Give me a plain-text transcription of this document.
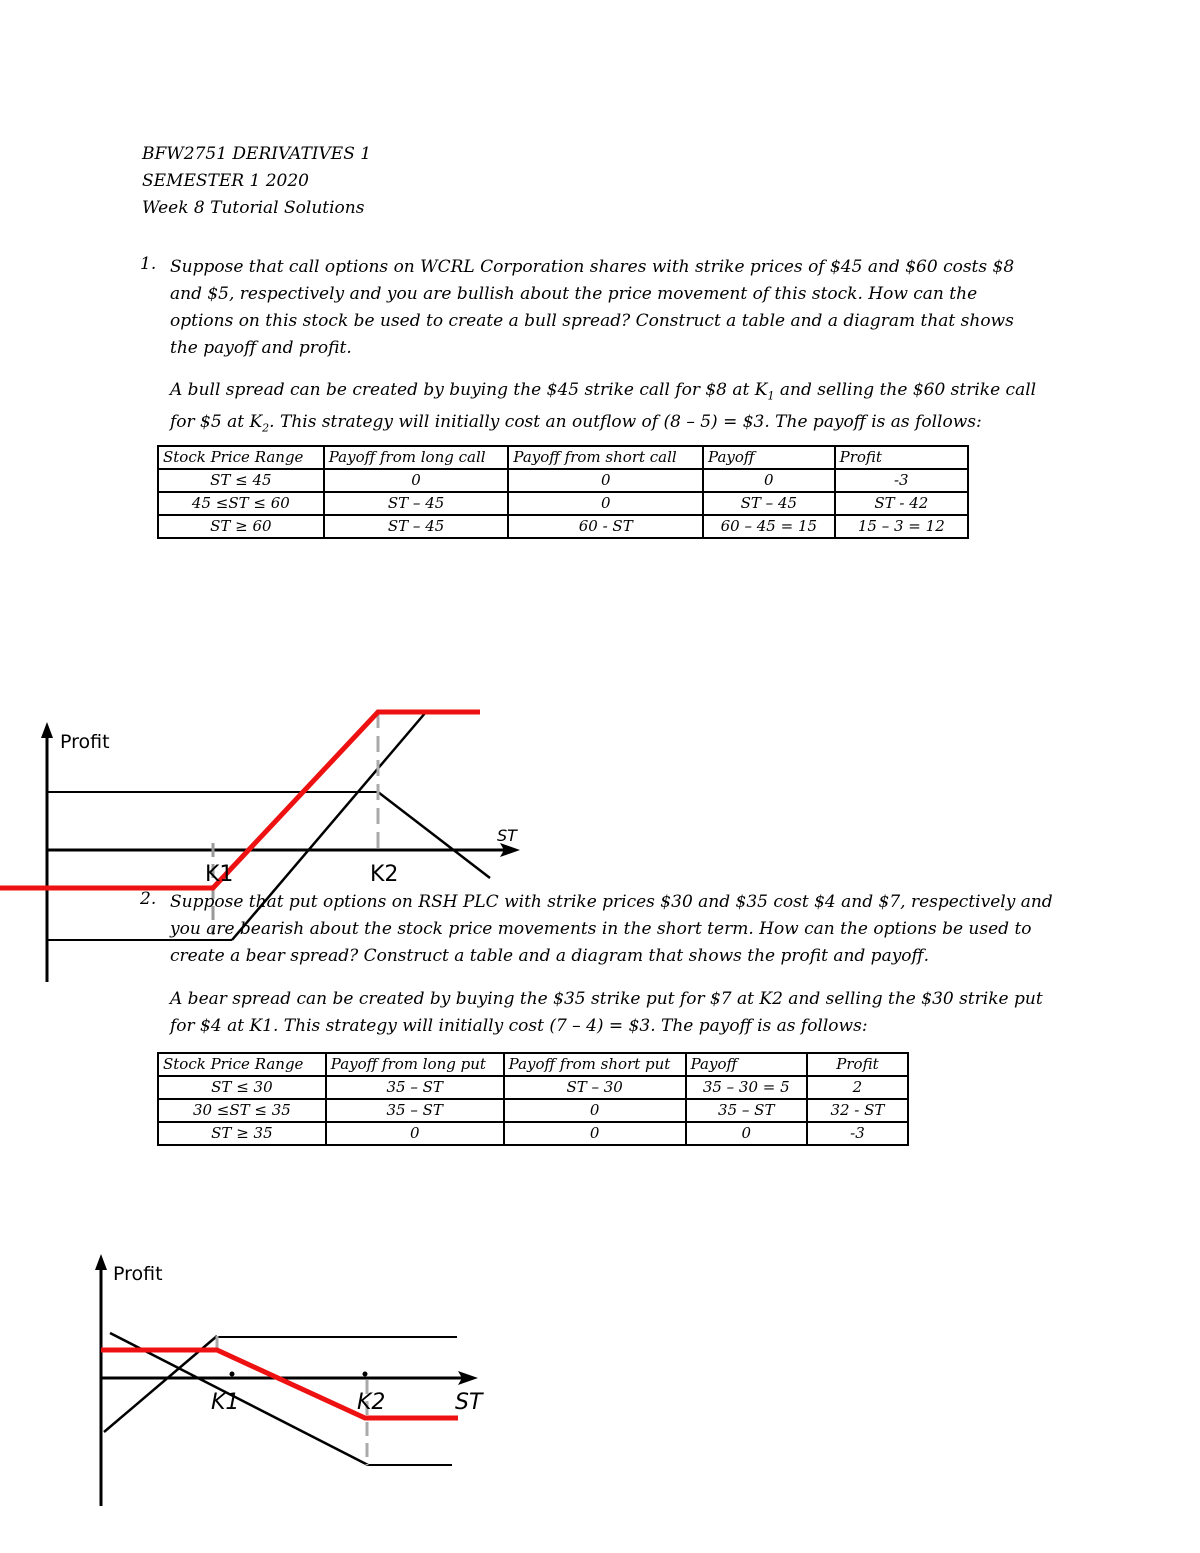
BFW2751 DERIVATIVES 1
SEMESTER 1 2020
Week 8 Tutorial Solutions
1. Suppose that call options on WCRL Corporation shares with strike prices of $45 and $60 costs $8
and $5, respectively and you are bullish about the price movement of this stock. How can the
options on this stock be used to create a bull spread? Construct a table and a diagram that shows
the payoff and profit.
A bull spread can be created by buying the $45 strike call for $8 at $K_1$ and selling the $60 strike call
for $5 at $K_2$. This strategy will initially cost an outflow of (8 – 5) = $3. The payoff is as follows:
Stock Price Range	Payoff from long call	Payoff from short call	Payoff	Profit
ST ≤ 45	0	0	0	-3
45 ≤ST ≤ 60	ST – 45	0	ST – 45	ST - 42
ST ≥ 60	ST – 45	60 - ST	60 – 45 = 15	15 – 3 = 12
Profit
ST
K1	K2
2. Suppose that put options on RSH PLC with strike prices $30 and $35 cost $4 and $7, respectively and
you are bearish about the stock price movements in the short term. How can the options be used to
create a bear spread? Construct a table and a diagram that shows the profit and payoff.
A bear spread can be created by buying the $35 strike put for $7 at K2 and selling the $30 strike put
for $4 at K1. This strategy will initially cost (7 – 4) = $3. The payoff is as follows:
Stock Price Range	Payoff from long put	Payoff from short put	Payoff	Profit
ST ≤ 30	35 – ST	ST – 30	35 – 30 = 5	2
30 ≤ST ≤ 35	35 – ST	0	35 – ST	32 - ST
ST ≥ 35	0	0	0	-3
Profit
K1	K2	ST
